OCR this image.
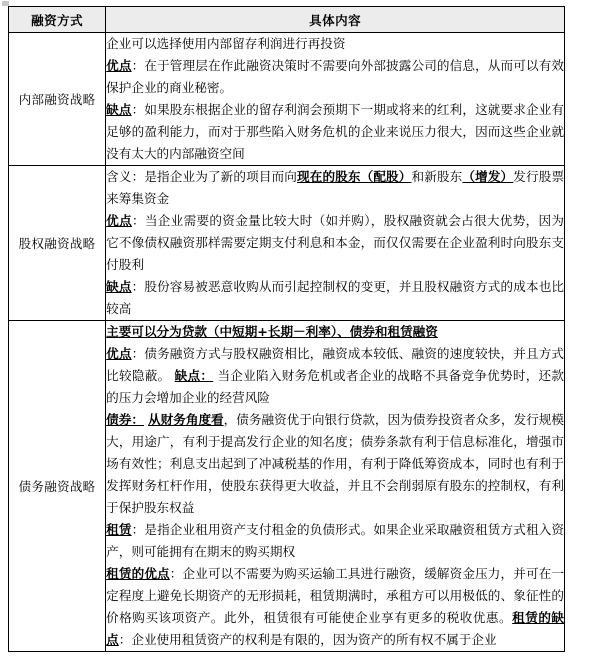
融资方式	具体内容
内部融资战略	企业可以选择使用内部留存利润进行再投资

优点：在于管理层在作此融资决策时不需要向外部披露公司的信息，从而可以有效保护企业的商业秘密。

缺点：如果股东根据企业的留存利润会预期下一期或将来的红利，这就要求企业有足够的盈利能力，而对于那些陷入财务危机的企业来说压力很大，因而这些企业就没有太大的内部融资空间

股权融资战略	含义：是指企业为了新的项目而向现在的股东（配股）和新股东（增发）发行股票来筹集资金

优点：当企业需要的资金量比较大时（如并购），股权融资就会占很大优势，因为它不像债权融资那样需要定期支付利息和本金，而仅仅需要在企业盈利时向股东支付股利

缺点：股份容易被恶意收购从而引起控制权的变更，并且股权融资方式的成本也比较高

债务融资战略	主要可以分为贷款（中短期+长期－利率）、债券和租赁融资

优点：债务融资方式与股权融资相比，融资成本较低、融资的速度较快，并且方式比较隐蔽。 缺点： 当企业陷入财务危机或者企业的战略不具备竞争优势时，还款的压力会增加企业的经营风险

债券： 从财务角度看，债务融资优于向银行贷款，因为债券投资者众多，发行规模大，用途广，有利于提高发行企业的知名度；债券条款有利于信息标准化，增强市场有效性；利息支出起到了冲减税基的作用，有利于降低筹资成本，同时也有利于发挥财务杠杆作用，使股东获得更大收益，并且不会削弱原有股东的控制权，有利于保护股东权益

租赁：是指企业租用资产支付租金的负债形式。如果企业采取融资租赁方式租入资产，则可能拥有在期末的购买期权

租赁的优点：企业可以不需要为购买运输工具进行融资，缓解资金压力，并可在一定程度上避免长期资产的无形损耗，租赁期满时，承租方可以用极低的、象征性的价格购买该项资产。此外，租赁很有可能使企业享有更多的税收优惠。租赁的缺点：企业使用租赁资产的权利是有限的，因为资产的所有权不属于企业
